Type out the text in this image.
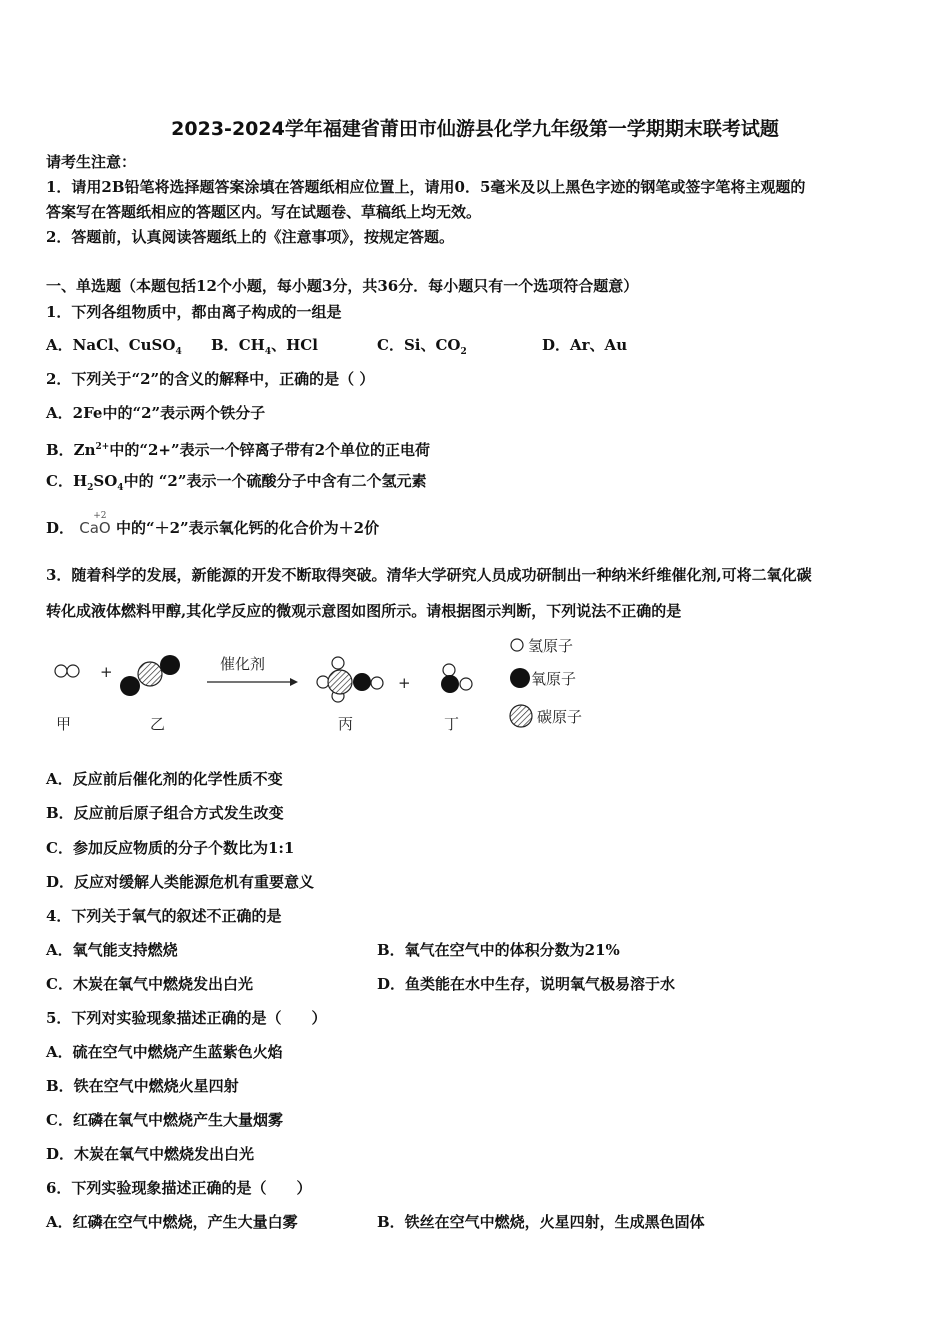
2023-2024学年福建省莆田市仙游县化学九年级第一学期期末联考试题
请考生注意：
1．请用2B铅笔将选择题答案涂填在答题纸相应位置上，请用0．5毫米及以上黑色字迹的钢笔或签字笔将主观题的
答案写在答题纸相应的答题区内。写在试题卷、草稿纸上均无效。
2．答题前，认真阅读答题纸上的《注意事项》，按规定答题。
一、单选题（本题包括12个小题，每小题3分，共36分．每小题只有一个选项符合题意）
1．下列各组物质中，都由离子构成的一组是
A．NaCl、CuSO$_4$ B．$CH_4$、HCl	C．Si、$CO_2$	D．Ar、Au
2．下列关于“2”的含义的解释中，正确的是（ ）
A．2Fe中的“2”表示两个铁分子
B．$Zn^{2+}$中的“2+”表示一个锌离子带有2个单位的正电荷
C．$H_2SO_4$中的 “2”表示一个硫酸分子中含有二个氢元素
D．
+2
CaO 中的“＋2”表示氧化钙的化合价为＋2价
3．随着科学的发展，新能源的开发不断取得突破。清华大学研究人员成功研制出一种纳米纤维催化剂,可将二氧化碳
转化成液体燃料甲醇,其化学反应的微观示意图如图所示。请根据图示判断，下列说法不正确的是
+	催化剂
+
甲	乙	丙	丁
氢原子
氧原子
碳原子
A．反应前后催化剂的化学性质不变
B．反应前后原子组合方式发生改变
C．参加反应物质的分子个数比为1:1
D．反应对缓解人类能源危机有重要意义
4．下列关于氧气的叙述不正确的是
A．氧气能支持燃烧	B．氧气在空气中的体积分数为21%
C．木炭在氧气中燃烧发出白光	D．鱼类能在水中生存，说明氧气极易溶于水
5．下列对实验现象描述正确的是（　　）
A．硫在空气中燃烧产生蓝紫色火焰
B．铁在空气中燃烧火星四射
C．红磷在氧气中燃烧产生大量烟雾
D．木炭在氧气中燃烧发出白光
6．下列实验现象描述正确的是（　　）
A．红磷在空气中燃烧，产生大量白雾	B．铁丝在空气中燃烧，火星四射，生成黑色固体
